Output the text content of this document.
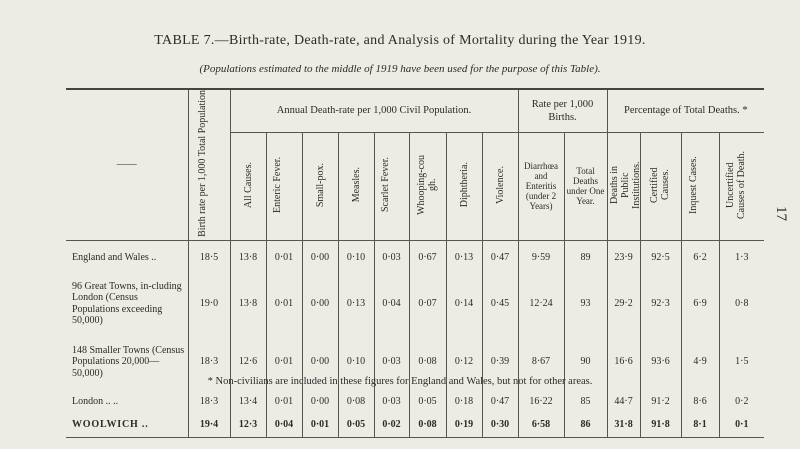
TABLE 7.—Birth-rate, Death-rate, and Analysis of Mortality during the Year 1919.
(Populations estimated to the middle of 1919 have been used for the purpose of this Table).
17
——	Birth rate per 1,000 Total Population	Annual Death-rate per 1,000 Civil Population.								Rate per 1,000 Births.		Percentage of Total Deaths. *			
		All Causes.	Enteric Fever.	Small-pox.	Measles.	Scarlet Fever.	Whooping-cough.	Diphtheria.	Violence.	Diarrhœa and Enteritis (under 2 Years)	Total Deaths under One Year.	Deaths in Public Institutions.	Certified Causes.	Inquest Cases.	Uncertified Causes of Death.
England and Wales ..	18·5	13·8	0·01	0·00	0·10	0·03	0·67	0·13	0·47	9·59	89	23·9	92·5	6·2	1·3
96 Great Towns, in-cluding London (Census Populations exceeding 50,000)	19·0	13·8	0·01	0·00	0·13	0·04	0·07	0·14	0·45	12·24	93	29·2	92·3	6·9	0·8
148 Smaller Towns (Census Populations 20,000—50,000)	18·3	12·6	0·01	0·00	0·10	0·03	0·08	0·12	0·39	8·67	90	16·6	93·6	4·9	1·5
London .. ..	18·3	13·4	0·01	0·00	0·08	0·03	0·05	0·18	0·47	16·22	85	44·7	91·2	8·6	0·2
WOOLWICH ..	19·4	12·3	0·04	0·01	0·05	0·02	0·08	0·19	0·30	6·58	86	31·8	91·8	8·1	0·1
* Non-civilians are included in these figures for England and Wales, but not for other areas.
